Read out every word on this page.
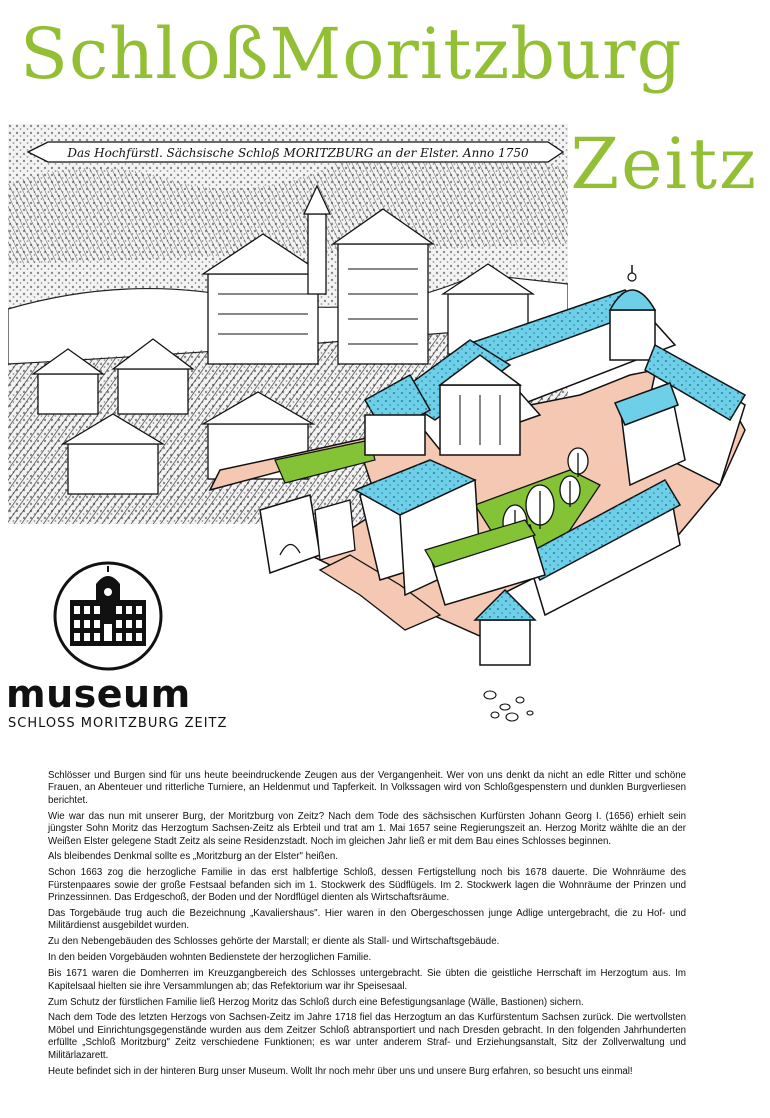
SchloßMoritzburg
Zeitz
Das Hochfürstl. Sächsische Schloß MORITZBURG an der Elster. Anno 1750
museum
SCHLOSS MORITZBURG ZEITZ

Schlösser und Burgen sind für uns heute beeindruckende Zeugen aus der Vergangenheit. Wer von uns denkt da nicht an edle Ritter und schöne Frauen, an Abenteuer und ritterliche Turniere, an Heldenmut und Tapferkeit. In Volkssagen wird von Schloßgespenstern und dunklen Burgverliesen berichtet.

Wie war das nun mit unserer Burg, der Moritzburg von Zeitz? Nach dem Tode des sächsischen Kurfürsten Johann Georg I. (1656) erhielt sein jüngster Sohn Moritz das Herzogtum Sachsen-Zeitz als Erbteil und trat am 1. Mai 1657 seine Regierungszeit an. Herzog Moritz wählte die an der Weißen Elster gelegene Stadt Zeitz als seine Residenzstadt. Noch im gleichen Jahr ließ er mit dem Bau eines Schlosses beginnen.

Als bleibendes Denkmal sollte es „Moritzburg an der Elster" heißen.

Schon 1663 zog die herzogliche Familie in das erst halbfertige Schloß, dessen Fertigstellung noch bis 1678 dauerte. Die Wohnräume des Fürstenpaares sowie der große Festsaal befanden sich im 1. Stockwerk des Südflügels. Im 2. Stockwerk lagen die Wohnräume der Prinzen und Prinzessinnen. Das Erdgeschoß, der Boden und der Nordflügel dienten als Wirtschaftsräume.

Das Torgebäude trug auch die Bezeichnung „Kavaliershaus". Hier waren in den Obergeschossen junge Adlige untergebracht, die zu Hof- und Militärdienst ausgebildet wurden.

Zu den Nebengebäuden des Schlosses gehörte der Marstall; er diente als Stall- und Wirtschaftsgebäude.

In den beiden Vorgebäuden wohnten Bedienstete der herzoglichen Familie.

Bis 1671 waren die Domherren im Kreuzgangbereich des Schlosses untergebracht. Sie übten die geistliche Herrschaft im Herzogtum aus. Im Kapitelsaal hielten sie ihre Versammlungen ab; das Refektorium war ihr Speisesaal.

Zum Schutz der fürstlichen Familie ließ Herzog Moritz das Schloß durch eine Befestigungsanlage (Wälle, Bastionen) sichern.

Nach dem Tode des letzten Herzogs von Sachsen-Zeitz im Jahre 1718 fiel das Herzogtum an das Kurfürstentum Sachsen zurück. Die wertvollsten Möbel und Einrichtungsgegenstände wurden aus dem Zeitzer Schloß abtransportiert und nach Dresden gebracht. In den folgenden Jahrhunderten erfüllte „Schloß Moritzburg" Zeitz verschiedene Funktionen; es war unter anderem Straf- und Erziehungsanstalt, Sitz der Zollverwaltung und Militärlazarett.

Heute befindet sich in der hinteren Burg unser Museum. Wollt Ihr noch mehr über uns und unsere Burg erfahren, so besucht uns einmal!
